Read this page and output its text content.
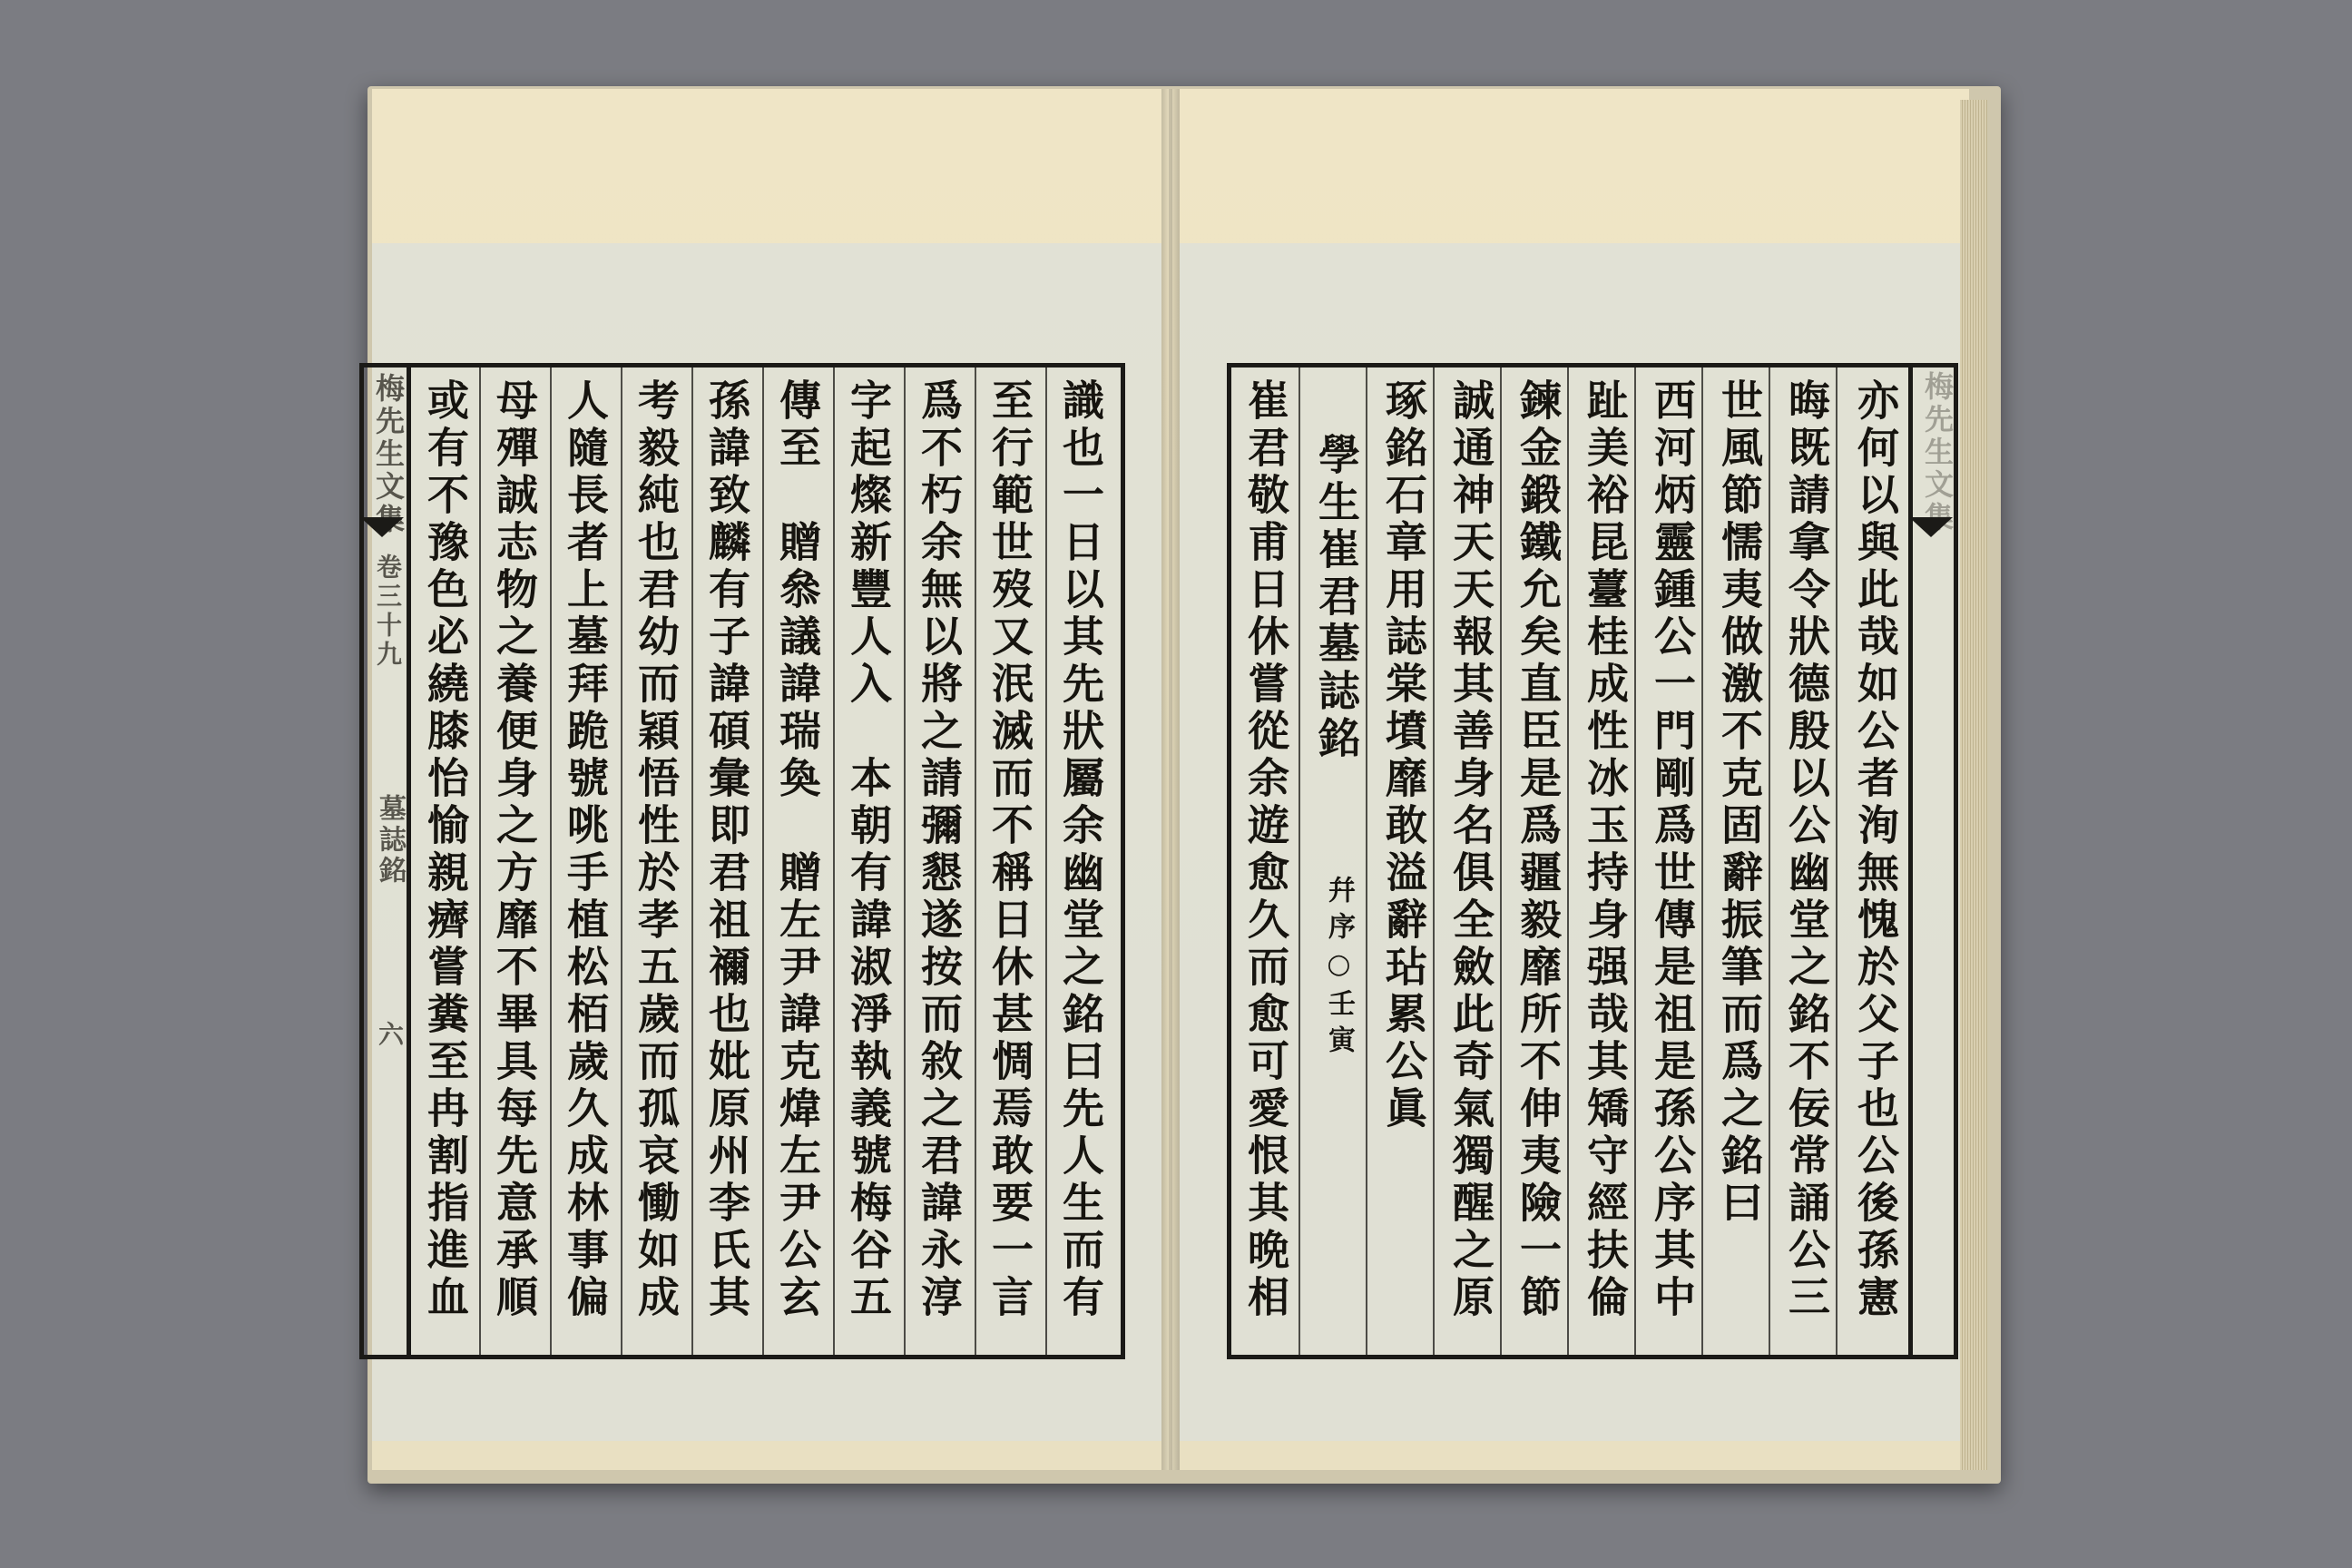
梅先生文集
卷三十九
墓誌銘
六	識也一日以其先狀屬余幽堂之銘曰先人生而有
至行範世歿又泯滅而不稱日休甚惆焉敢要一言
爲不朽余無以將之請彌懇遂按而敘之君諱永淳
字起燦新豐人入　本朝有諱淑淨執義號梅谷五
傳至　贈叅議諱瑞奐　贈左尹諱克煒左尹公玄
孫諱致麟有子諱碩彙即君祖禰也妣原州李氏其
考毅純也君幼而穎悟性於孝五歲而孤哀慟如成
人隨長者上墓拜跪號咷手植松栢歲久成林事偏
母殫誠志物之養便身之方靡不畢具每先意承順
或有不豫色必繞膝怡愉親癠嘗糞至冉割指進血	亦何以與此哉如公者洵無愧於父子也公後孫憲
晦既請拿令狀德殷以公幽堂之銘不佞常誦公三
世風節懦夷做激不克固辭振筆而爲之銘曰
西河炳靈鍾公一門剛爲世傳是祖是孫公序其中
趾美裕昆薹桂成性冰玉持身强哉其矯守經扶倫
鍊金鍛鐵允矣直臣是爲疆毅靡所不伸夷險一節
誠通神天天報其善身名俱全斂此奇氣獨醒之原
琢銘石章用誌棠墳靡敢溢辭玷累公眞
學生崔君墓誌銘
幷序○壬寅
崔君敬甫日休嘗從余遊愈久而愈可愛恨其晩相	梅先生文集
